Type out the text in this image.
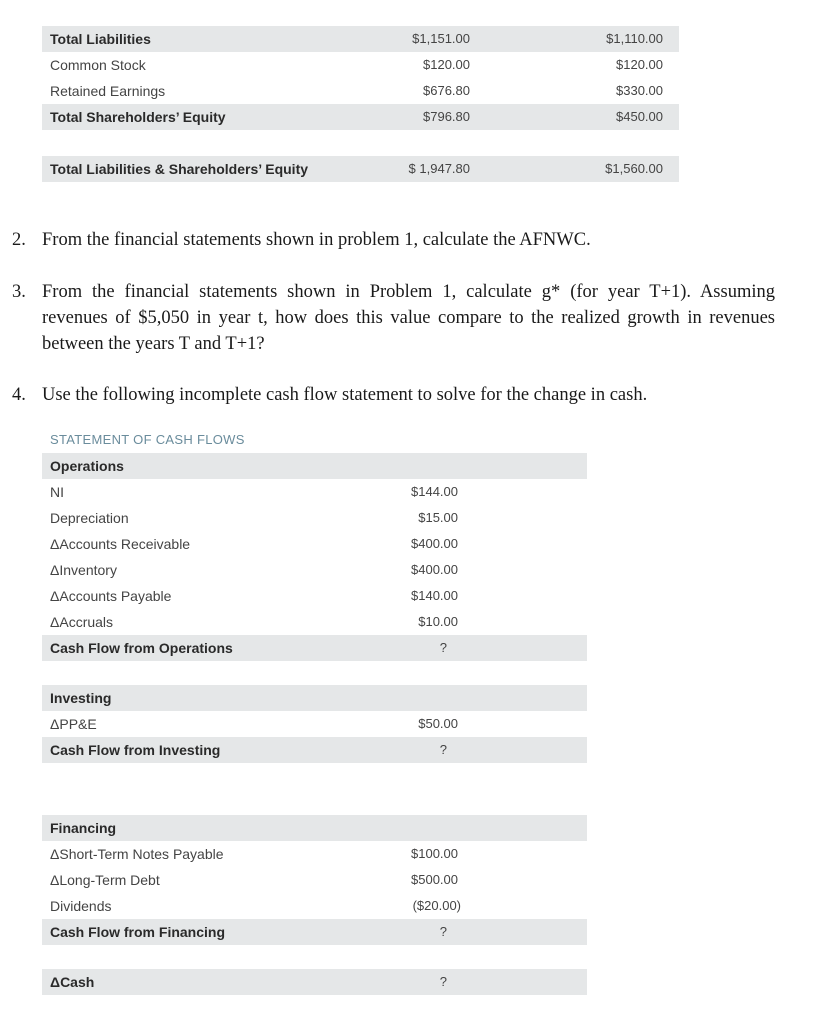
Total Liabilities	$1,151.00	$1,110.00
Common Stock	$120.00	$120.00
Retained Earnings	$676.80	$330.00
Total Shareholders’ Equity	$796.80	$450.00
Total Liabilities & Shareholders’ Equity	$ 1,947.80	$1,560.00
2. From the financial statements shown in problem 1, calculate the AFNWC.
3. From the financial statements shown in Problem 1, calculate g* (for year T+1). Assuming revenues of $5,050 in year t, how does this value compare to the realized growth in revenues between the years T and T+1?
4. Use the following incomplete cash flow statement to solve for the change in cash.
STATEMENT OF CASH FLOWS
Operations
NI	$144.00
Depreciation	$15.00
ΔAccounts Receivable	$400.00
ΔInventory	$400.00
ΔAccounts Payable	$140.00
ΔAccruals	$10.00
Cash Flow from Operations	?
Investing
ΔPP&E	$50.00
Cash Flow from Investing	?
Financing
ΔShort-Term Notes Payable	$100.00
ΔLong-Term Debt	$500.00
Dividends	($20.00)
Cash Flow from Financing	?
ΔCash	?
